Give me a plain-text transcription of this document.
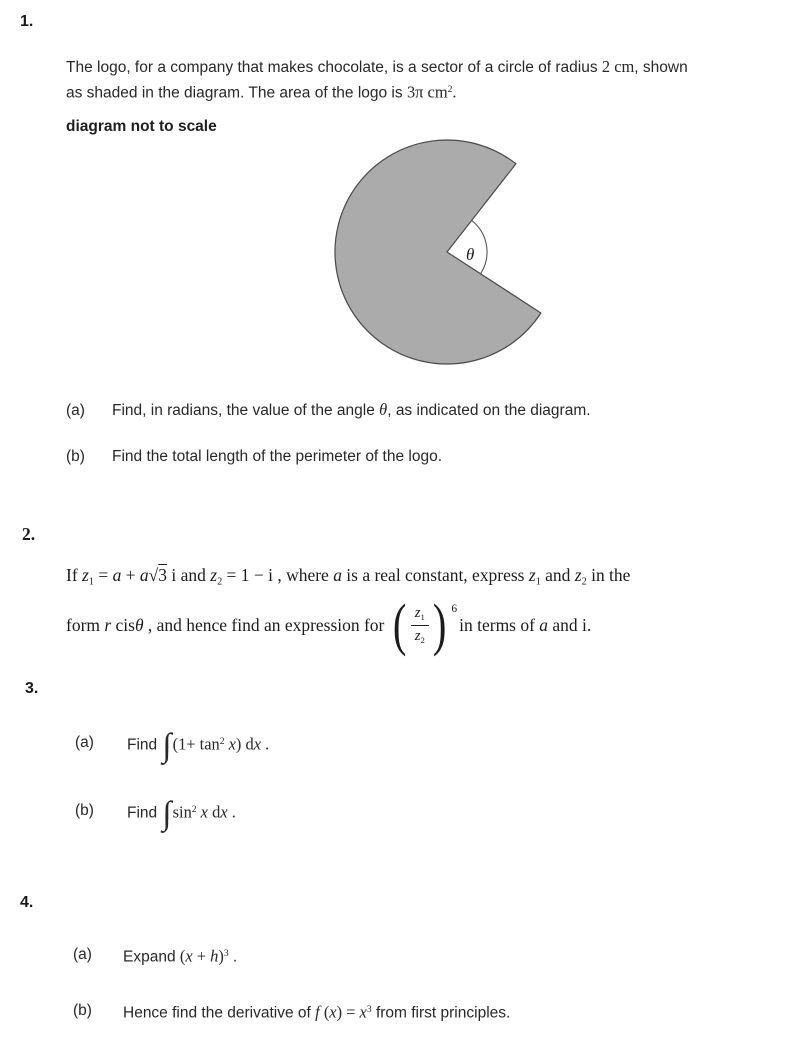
1.
The logo, for a company that makes chocolate, is a sector of a circle of radius 2 cm, shown
as shaded in the diagram. The area of the logo is 3π $cm^2$.
diagram not to scale
θ
(a)	Find, in radians, the value of the angle θ, as indicated on the diagram.
(b)	Find the total length of the perimeter of the logo.
2.
If z1 = a + a√3 i and z2 = 1 − i , where a is a real constant, express z1 and z2 in the
form r cisθ , and hence find an expression for ( $\frac{z1}{z2}$ ) 6
in terms of a and i.
3.
(a)	Find $\int(1+ \tan^2 x)$ dx .
(b)	Find $\int\sin^2$ x dx .
4.
(a)	Expand $(x + h)^3$ .
(b)	Hence find the derivative of f $(x) = x^3$ from first principles.
